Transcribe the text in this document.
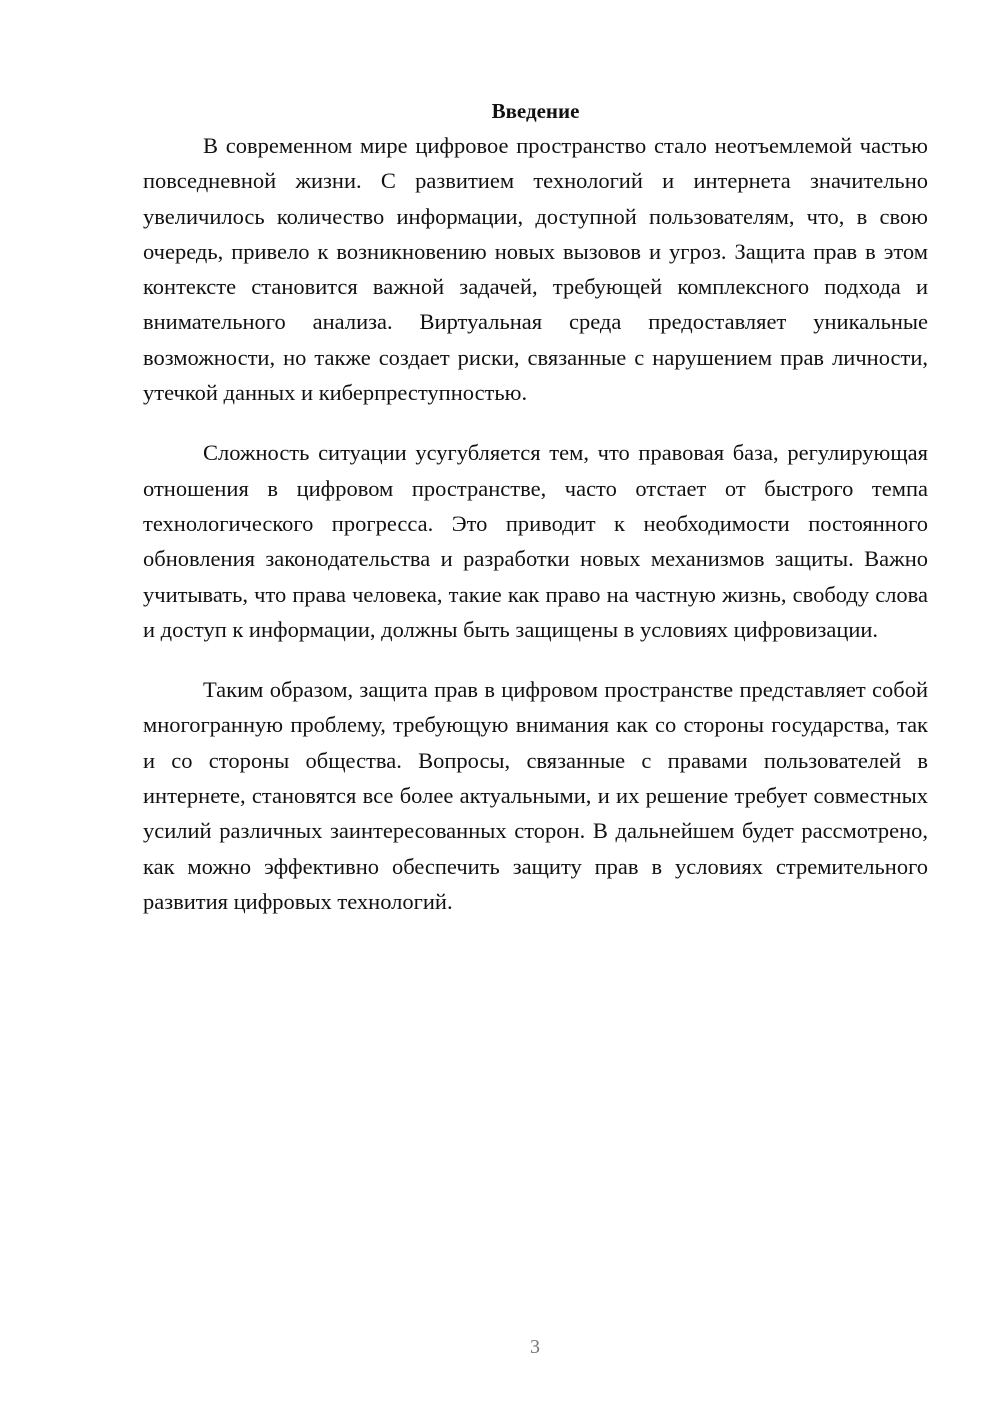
Введение

В современном мире цифровое пространство стало неотъемлемой частью повседневной жизни. С развитием технологий и интернета значительно увеличилось количество информации, доступной пользователям, что, в свою очередь, привело к возникновению новых вызовов и угроз. Защита прав в этом контексте становится важной задачей, требующей комплексного подхода и внимательного анализа. Виртуальная среда предоставляет уникальные возможности, но также создает риски, связанные с нарушением прав личности, утечкой данных и киберпреступностью.

Сложность ситуации усугубляется тем, что правовая база, регулирующая отношения в цифровом пространстве, часто отстает от быстрого темпа технологического прогресса. Это приводит к необходимости постоянного обновления законодательства и разработки новых механизмов защиты. Важно учитывать, что права человека, такие как право на частную жизнь, свободу слова и доступ к информации, должны быть защищены в условиях цифровизации.

Таким образом, защита прав в цифровом пространстве представляет собой многогранную проблему, требующую внимания как со стороны государства, так и со стороны общества. Вопросы, связанные с правами пользователей в интернете, становятся все более актуальными, и их решение требует совместных усилий различных заинтересованных сторон. В дальнейшем будет рассмотрено, как можно эффективно обеспечить защиту прав в условиях стремительного развития цифровых технологий.

3
